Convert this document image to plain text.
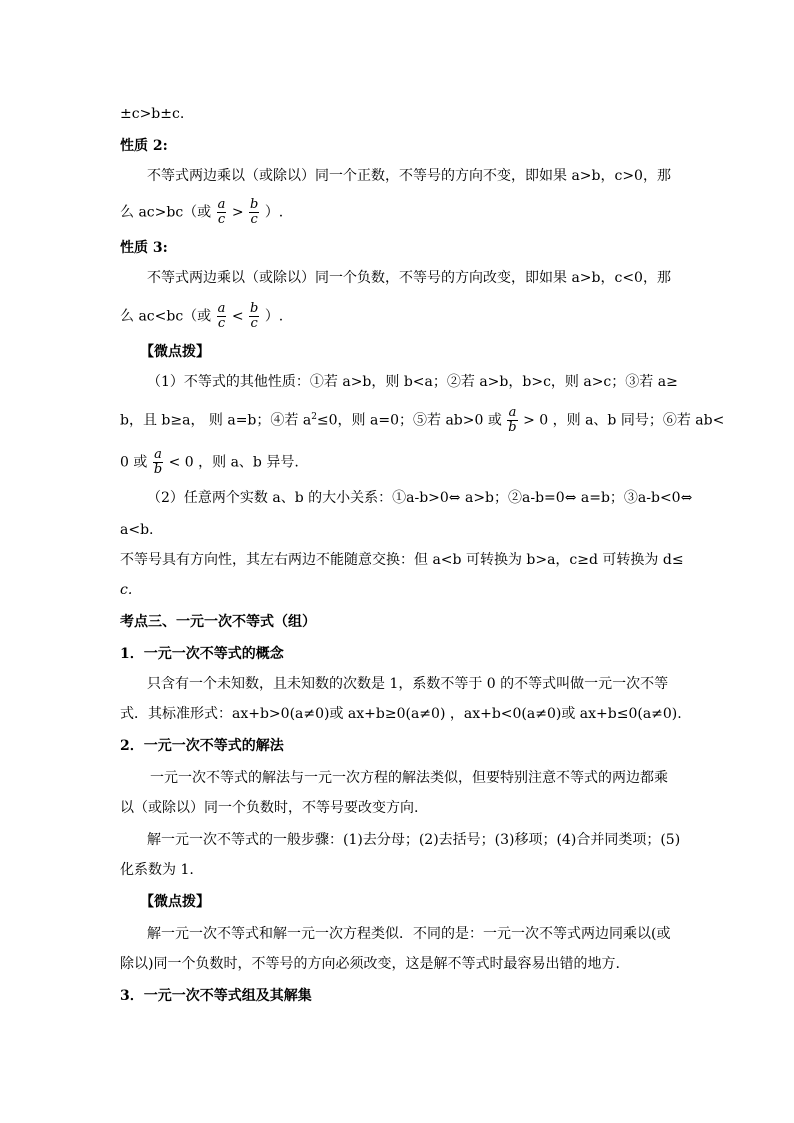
±c>b±c.
性质 2:
不等式两边乘以（或除以）同一个正数，不等号的方向不变，即如果 a>b，c>0，那
么 ac>bc（或 $\frac{a}{c} > \frac{b}{c}$ ）.
性质 3:
不等式两边乘以（或除以）同一个负数，不等号的方向改变，即如果 a>b，c<0，那
么 ac<bc（或 $\frac{a}{c} < \frac{b}{c}$ ）.
【微点拨】
（1）不等式的其他性质：①若 a>b，则 b<a；②若 a>b，b>c，则 a>c；③若 a≥
b，且 b≥a， 则 a=b；④若 $a^2\le 0$，则 a=0；⑤若 ab>0 或 $\frac{a}{b} > 0$ ，则 a、b 同号；⑥若 ab<
0 或 $\frac{a}{b} < 0$ ，则 a、b 异号.
（2）任意两个实数 a、b 的大小关系：①a-b>0⇔ a>b；②a-b=0⇔ a=b；③a-b<0⇔
a<b.
不等号具有方向性，其左右两边不能随意交换：但 a<b 可转换为 b>a，c≥d 可转换为 d≤
c.
考点三、一元一次不等式（组）
1．一元一次不等式的概念
只含有一个未知数，且未知数的次数是 1，系数不等于 0 的不等式叫做一元一次不等
式．其标准形式：ax+b>0(a≠0)或 ax+b≥0(a≠0) ，ax+b<0(a≠0)或 ax+b≤0(a≠0).
2．一元一次不等式的解法
一元一次不等式的解法与一元一次方程的解法类似，但要特别注意不等式的两边都乘
以（或除以）同一个负数时，不等号要改变方向.
解一元一次不等式的一般步骤：(1)去分母；(2)去括号；(3)移项；(4)合并同类项；(5)
化系数为 1.
【微点拨】
解一元一次不等式和解一元一次方程类似．不同的是：一元一次不等式两边同乘以(或
除以)同一个负数时，不等号的方向必须改变，这是解不等式时最容易出错的地方.
3．一元一次不等式组及其解集
